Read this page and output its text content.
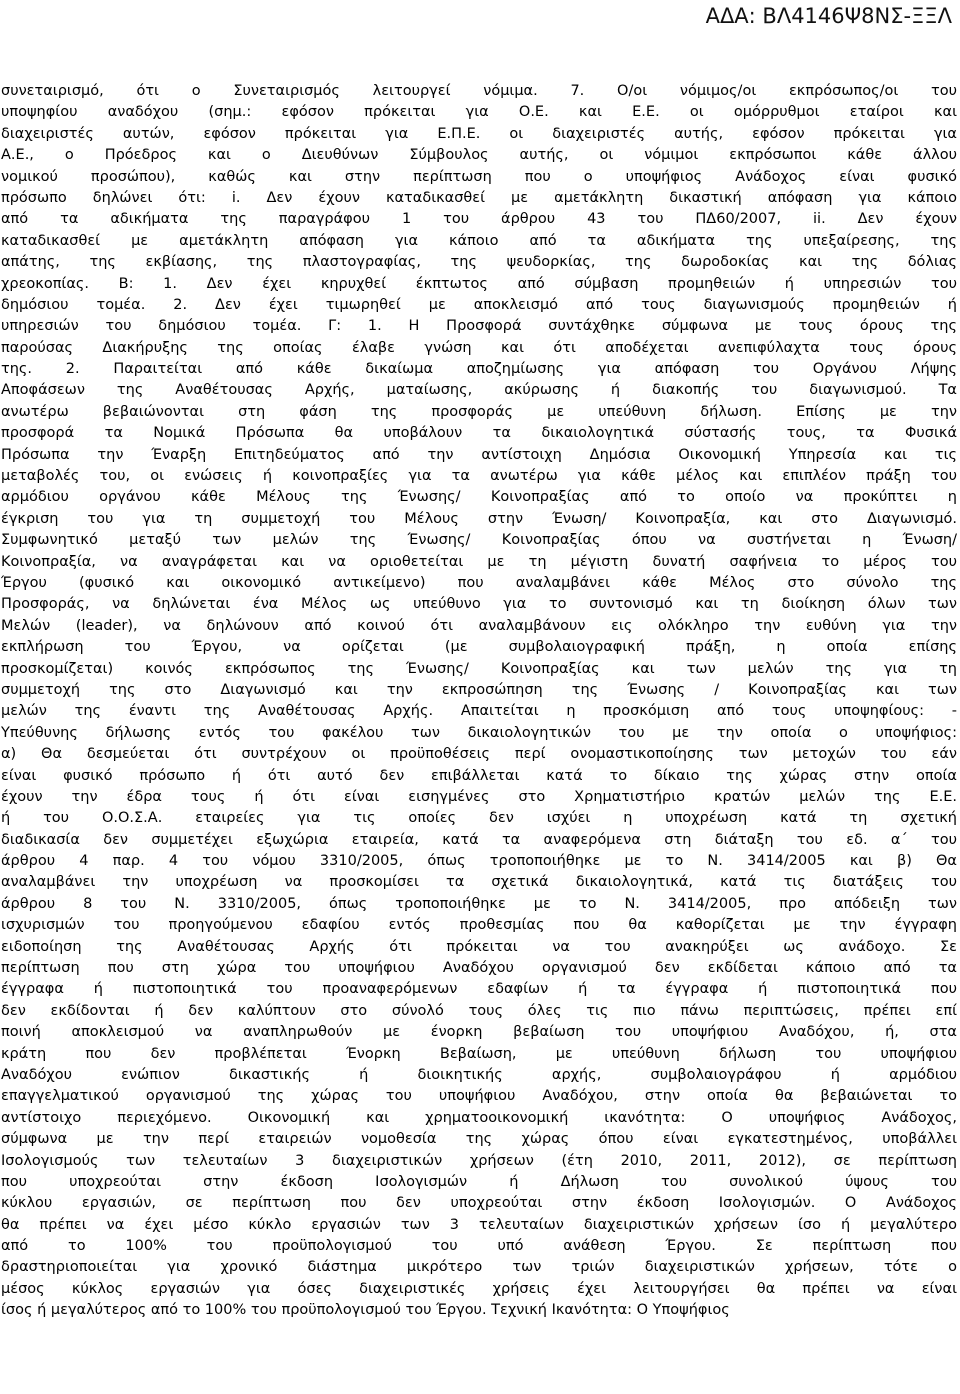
ΑΔΑ: ΒΛ4146Ψ8ΝΣ-ΞΞΛ
συνεταιρισμό, ότι ο Συνεταιρισμός λειτουργεί νόμιμα. 7. Ο/οι νόμιμος/οι εκπρόσωπος/οι του
υποψηφίου αναδόχου (σημ.: εφόσον πρόκειται για Ο.Ε. και Ε.Ε. οι ομόρρυθμοι εταίροι και
διαχειριστές αυτών, εφόσον πρόκειται για Ε.Π.Ε. οι διαχειριστές αυτής, εφόσον πρόκειται για
Α.Ε., ο Πρόεδρος και ο Διευθύνων Σύμβουλος αυτής, οι νόμιμοι εκπρόσωποι κάθε άλλου
νομικού προσώπου), καθώς και στην περίπτωση που ο υποψήφιος Ανάδοχος είναι φυσικό
πρόσωπο δηλώνει ότι: i. Δεν έχουν καταδικασθεί με αμετάκλητη δικαστική απόφαση για κάποιο
από τα αδικήματα της παραγράφου 1 του άρθρου 43 του ΠΔ60/2007, ii. Δεν έχουν
καταδικασθεί με αμετάκλητη απόφαση για κάποιο από τα αδικήματα της υπεξαίρεσης, της
απάτης, της εκβίασης, της πλαστογραφίας, της ψευδορκίας, της δωροδοκίας και της δόλιας
χρεοκοπίας. Β: 1. Δεν έχει κηρυχθεί έκπτωτος από σύμβαση προμηθειών ή υπηρεσιών του
δημόσιου τομέα. 2. Δεν έχει τιμωρηθεί με αποκλεισμό από τους διαγωνισμούς προμηθειών ή
υπηρεσιών του δημόσιου τομέα. Γ: 1. Η Προσφορά συντάχθηκε σύμφωνα με τους όρους της
παρούσας Διακήρυξης της οποίας έλαβε γνώση και ότι αποδέχεται ανεπιφύλαχτα τους όρους
της. 2. Παραιτείται από κάθε δικαίωμα αποζημίωσης για απόφαση του Οργάνου Λήψης
Αποφάσεων της Αναθέτουσας Αρχής, ματαίωσης, ακύρωσης ή διακοπής του διαγωνισμού. Τα
ανωτέρω βεβαιώνονται στη φάση της προσφοράς με υπεύθυνη δήλωση. Επίσης με την
προσφορά τα Νομικά Πρόσωπα θα υποβάλουν τα δικαιολογητικά σύστασής τους, τα Φυσικά
Πρόσωπα την Έναρξη Επιτηδεύματος από την αντίστοιχη Δημόσια Οικονομική Υπηρεσία και τις
μεταβολές του, οι ενώσεις ή κοινοπραξίες για τα ανωτέρω για κάθε μέλος και επιπλέον πράξη του
αρμόδιου οργάνου κάθε Μέλους της Ένωσης/ Κοινοπραξίας από το οποίο να προκύπτει η
έγκριση του για τη συμμετοχή του Μέλους στην Ένωση/ Κοινοπραξία, και στο Διαγωνισμό.
Συμφωνητικό μεταξύ των μελών της Ένωσης/ Κοινοπραξίας όπου να συστήνεται η Ένωση/
Κοινοπραξία, να αναγράφεται και να οριοθετείται με τη μέγιστη δυνατή σαφήνεια το μέρος του
Έργου (φυσικό και οικονομικό αντικείμενο) που αναλαμβάνει κάθε Μέλος στο σύνολο της
Προσφοράς, να δηλώνεται ένα Μέλος ως υπεύθυνο για το συντονισμό και τη διοίκηση όλων των
Μελών (leader), να δηλώνουν από κοινού ότι αναλαμβάνουν εις ολόκληρο την ευθύνη για την
εκπλήρωση του Έργου, να ορίζεται (με συμβολαιογραφική πράξη, η οποία επίσης
προσκομίζεται) κοινός εκπρόσωπος της Ένωσης/ Κοινοπραξίας και των μελών της για τη
συμμετοχή της στο Διαγωνισμό και την εκπροσώπηση της Ένωσης / Κοινοπραξίας και των
μελών της έναντι της Αναθέτουσας Αρχής. Απαιτείται η προσκόμιση από τους υποψηφίους: -
Υπεύθυνης δήλωσης εντός του φακέλου των δικαιολογητικών του με την οποία ο υποψήφιος:
α) Θα δεσμεύεται ότι συντρέχουν οι προϋποθέσεις περί ονομαστικοποίησης των μετοχών του εάν
είναι φυσικό πρόσωπο ή ότι αυτό δεν επιβάλλεται κατά το δίκαιο της χώρας στην οποία
έχουν την έδρα τους ή ότι είναι εισηγμένες στο Χρηματιστήριο κρατών μελών της Ε.Ε.
ή του Ο.Ο.Σ.Α. εταιρείες για τις οποίες δεν ισχύει η υποχρέωση κατά τη σχετική
διαδικασία δεν συμμετέχει εξωχώρια εταιρεία, κατά τα αναφερόμενα στη διάταξη του εδ. α΄ του
άρθρου 4 παρ. 4 του νόμου 3310/2005, όπως τροποποιήθηκε με το Ν. 3414/2005 και β) Θα
αναλαμβάνει την υποχρέωση να προσκομίσει τα σχετικά δικαιολογητικά, κατά τις διατάξεις του
άρθρου 8 του Ν. 3310/2005, όπως τροποποιήθηκε με το Ν. 3414/2005, προ απόδειξη των
ισχυρισμών του προηγούμενου εδαφίου εντός προθεσμίας που θα καθορίζεται με την έγγραφη
ειδοποίηση της Αναθέτουσας Αρχής ότι πρόκειται να του ανακηρύξει ως ανάδοχο. Σε
περίπτωση που στη χώρα του υποψήφιου Αναδόχου οργανισμού δεν εκδίδεται κάποιο από τα
έγγραφα ή πιστοποιητικά του προαναφερόμενων εδαφίων ή τα έγγραφα ή πιστοποιητικά που
δεν εκδίδονται ή δεν καλύπτουν στο σύνολό τους όλες τις πιο πάνω περιπτώσεις, πρέπει επί
ποινή αποκλεισμού να αναπληρωθούν με ένορκη βεβαίωση του υποψήφιου Αναδόχου, ή, στα
κράτη που δεν προβλέπεται Ένορκη Βεβαίωση, με υπεύθυνη δήλωση του υποψήφιου
Αναδόχου ενώπιον δικαστικής ή διοικητικής αρχής, συμβολαιογράφου ή αρμόδιου
επαγγελματικού οργανισμού της χώρας του υποψήφιου Αναδόχου, στην οποία θα βεβαιώνεται το
αντίστοιχο περιεχόμενο. Οικονομική και χρηματοοικονομική ικανότητα: Ο υποψήφιος Ανάδοχος,
σύμφωνα με την περί εταιρειών νομοθεσία της χώρας όπου είναι εγκατεστημένος, υποβάλλει
Ισολογισμούς των τελευταίων 3 διαχειριστικών χρήσεων (έτη 2010, 2011, 2012), σε περίπτωση
που υποχρεούται στην έκδοση Ισολογισμών ή Δήλωση του συνολικού ύψους του
κύκλου εργασιών, σε περίπτωση που δεν υποχρεούται στην έκδοση Ισολογισμών. Ο Ανάδοχος
θα πρέπει να έχει μέσο κύκλο εργασιών των 3 τελευταίων διαχειριστικών χρήσεων ίσο ή μεγαλύτερο
από το 100% του προϋπολογισμού του υπό ανάθεση Έργου. Σε περίπτωση που
δραστηριοποιείται για χρονικό διάστημα μικρότερο των τριών διαχειριστικών χρήσεων, τότε ο
μέσος κύκλος εργασιών για όσες διαχειριστικές χρήσεις έχει λειτουργήσει θα πρέπει να είναι
ίσος ή μεγαλύτερος από το 100% του προϋπολογισμού του Έργου. Τεχνική Ικανότητα: Ο Υποψήφιος
